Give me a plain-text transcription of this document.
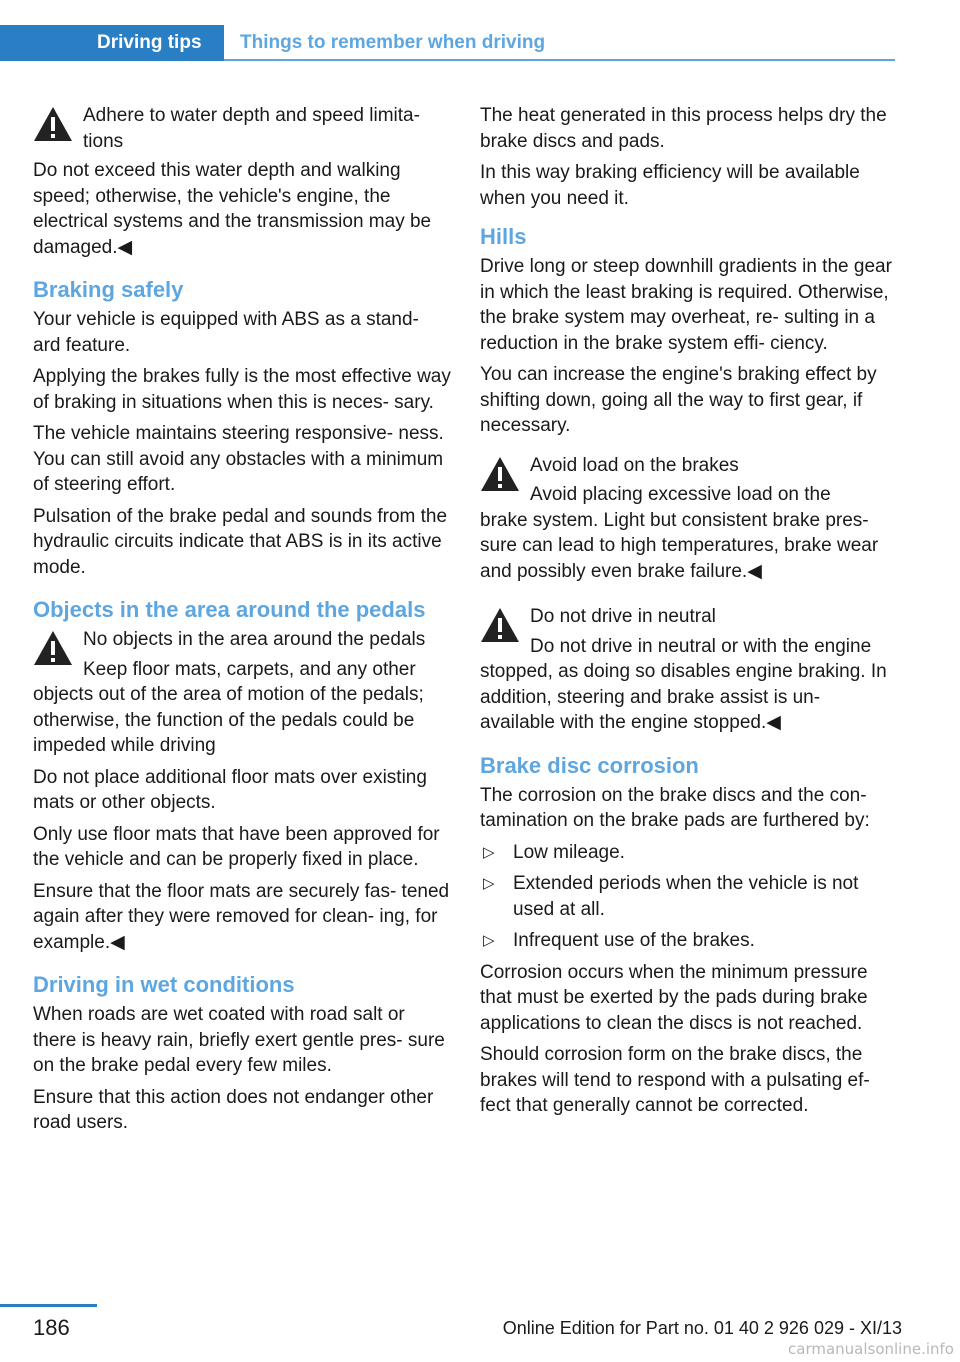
Driving tips	Things to remember when driving
Adhere to water depth and speed limita‐ tions
Do not exceed this water depth and walking speed; otherwise, the vehicle's engine, the electrical systems and the transmission may be damaged.◀
Braking safely

Your vehicle is equipped with ABS as a stand‐ ard feature.

Applying the brakes fully is the most effective way of braking in situations when this is neces‐ sary.

The vehicle maintains steering responsive‐ ness. You can still avoid any obstacles with a minimum of steering effort.

Pulsation of the brake pedal and sounds from the hydraulic circuits indicate that ABS is in its active mode.

Objects in the area around the pedals
No objects in the area around the pedals
Keep floor mats, carpets, and any other
objects out of the area of motion of the pedals; otherwise, the function of the pedals could be impeded while driving

Do not place additional floor mats over existing mats or other objects.

Only use floor mats that have been approved for the vehicle and can be properly fixed in place.

Ensure that the floor mats are securely fas‐ tened again after they were removed for clean‐ ing, for example.◀

Driving in wet conditions

When roads are wet coated with road salt or there is heavy rain, briefly exert gentle pres‐ sure on the brake pedal every few miles.

Ensure that this action does not endanger other road users.

The heat generated in this process helps dry the brake discs and pads.

In this way braking efficiency will be available when you need it.

Hills

Drive long or steep downhill gradients in the gear in which the least braking is required. Otherwise, the brake system may overheat, re‐ sulting in a reduction in the brake system effi‐ ciency.

You can increase the engine's braking effect by shifting down, going all the way to first gear, if necessary.

Avoid load on the brakes
Avoid placing excessive load on the
brake system. Light but consistent brake pres‐ sure can lead to high temperatures, brake wear and possibly even brake failure.◀
Do not drive in neutral
Do not drive in neutral or with the engine
stopped, as doing so disables engine braking. In addition, steering and brake assist is un‐ available with the engine stopped.◀
Brake disc corrosion

The corrosion on the brake discs and the con‐ tamination on the brake pads are furthered by:

▷ Low mileage.
▷ Extended periods when the vehicle is not used at all.
▷ Infrequent use of the brakes.

Corrosion occurs when the minimum pressure that must be exerted by the pads during brake applications to clean the discs is not reached.

Should corrosion form on the brake discs, the brakes will tend to respond with a pulsating ef‐ fect that generally cannot be corrected.

186	Online Edition for Part no. 01 40 2 926 029 - XI/13
carmanualsonline.info
